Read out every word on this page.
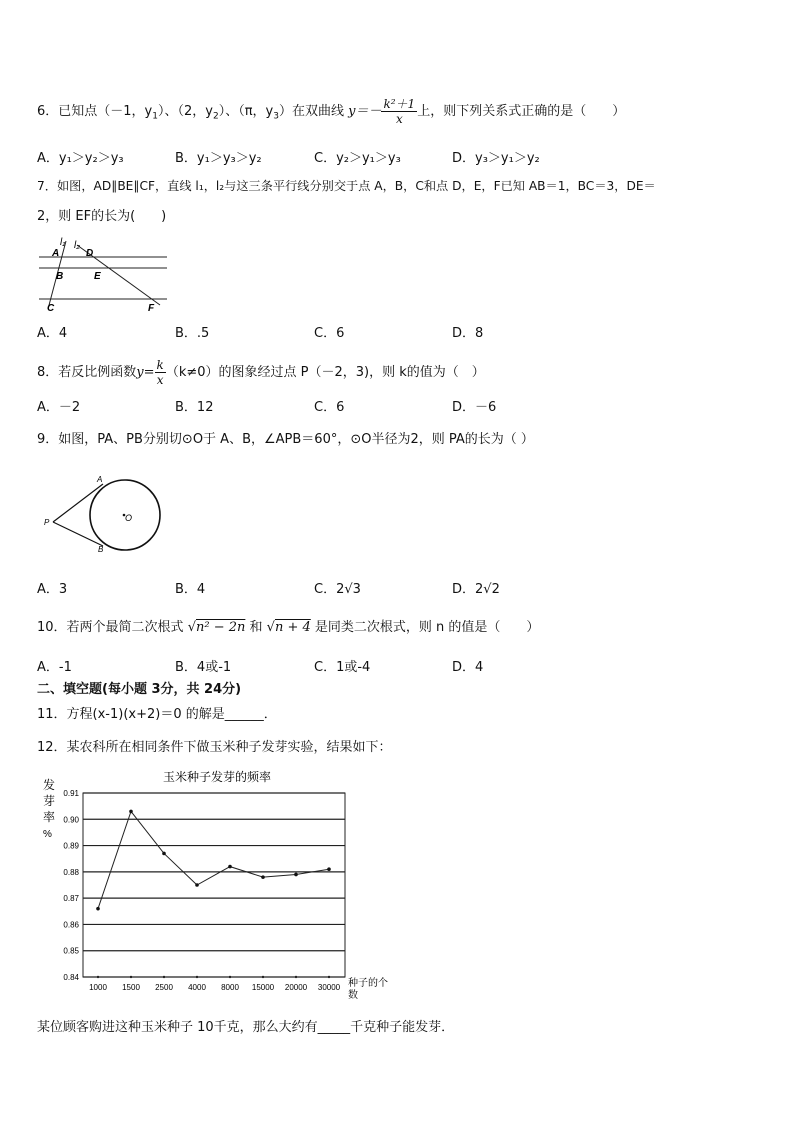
6．已知点（－1，$y_1$）、（2，$y_2$）、（π，$y_3$）在双曲线 $y=- \frac{\text{k²＋1}}{x}$ 上，则下列关系式正确的是（　　）
A．y₁＞y₂＞y₃	B．y₁＞y₃＞y₂	C．y₂＞y₁＞y₃	D．y₃＞y₁＞y₂
7．如图，AD∥BE∥CF，直线 l₁，l₂与这三条平行线分别交于点 A，B，C和点 D，E，F已知 AB＝1，BC＝3，DE＝
2，则 EF的长为(　　)
l₁ l₂
A	D
B	E
C	F
A．4	B．.5	C．6	D．8
8．若反比例函数$y= \frac{k}{x} (k\ne 0)$的图象经过点 P（－2，3)，则 k的值为（　）
A．－2	B．12	C．6	D．－6
9．如图，PA、PB分别切⊙O于 A、B，∠APB＝60°，⊙O半径为2，则 PA的长为（ ）
A
B
P	O
A．3	B．4	C．2√3	D．2√2
10．若两个最简二次根式 √n² − 2n 和 √n + 4 是同类二次根式，则 n 的值是（　　）
A．-1	B．4或-1	C．1或-4	D．4
二、填空题(每小题 3分，共 24分)
11．方程(x-1)(x+2)＝0 的解是______．
12．某农科所在相同条件下做玉米种子发芽实验，结果如下：
玉米种子发芽的频率
发
芽
率
%
0.84
0.85
0.86
0.87
0.88
0.89
0.90
0.91
1000 1500 2500 4000 8000 15000 20000 30000 种子的个
数
某位顾客购进这种玉米种子 10千克，那么大约有_____千克种子能发芽．
